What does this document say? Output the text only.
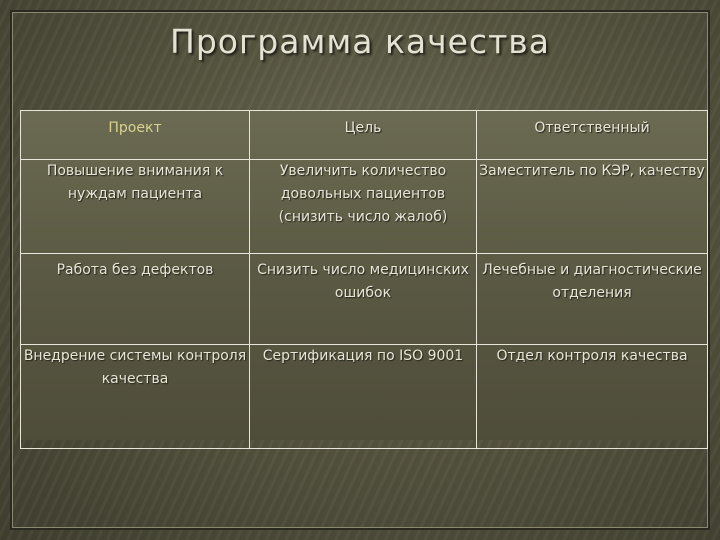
Программа качества
Проект	Цель	Ответственный
Повышение внимания к нуждам пациента	Увеличить количество довольных пациентов (снизить число жалоб)	Заместитель по КЭР, качеству
Работа без дефектов	Снизить число медицинских ошибок	Лечебные и диагностические отделения
Внедрение системы контроля качества	Сертификация по ISO 9001	Отдел контроля качества
